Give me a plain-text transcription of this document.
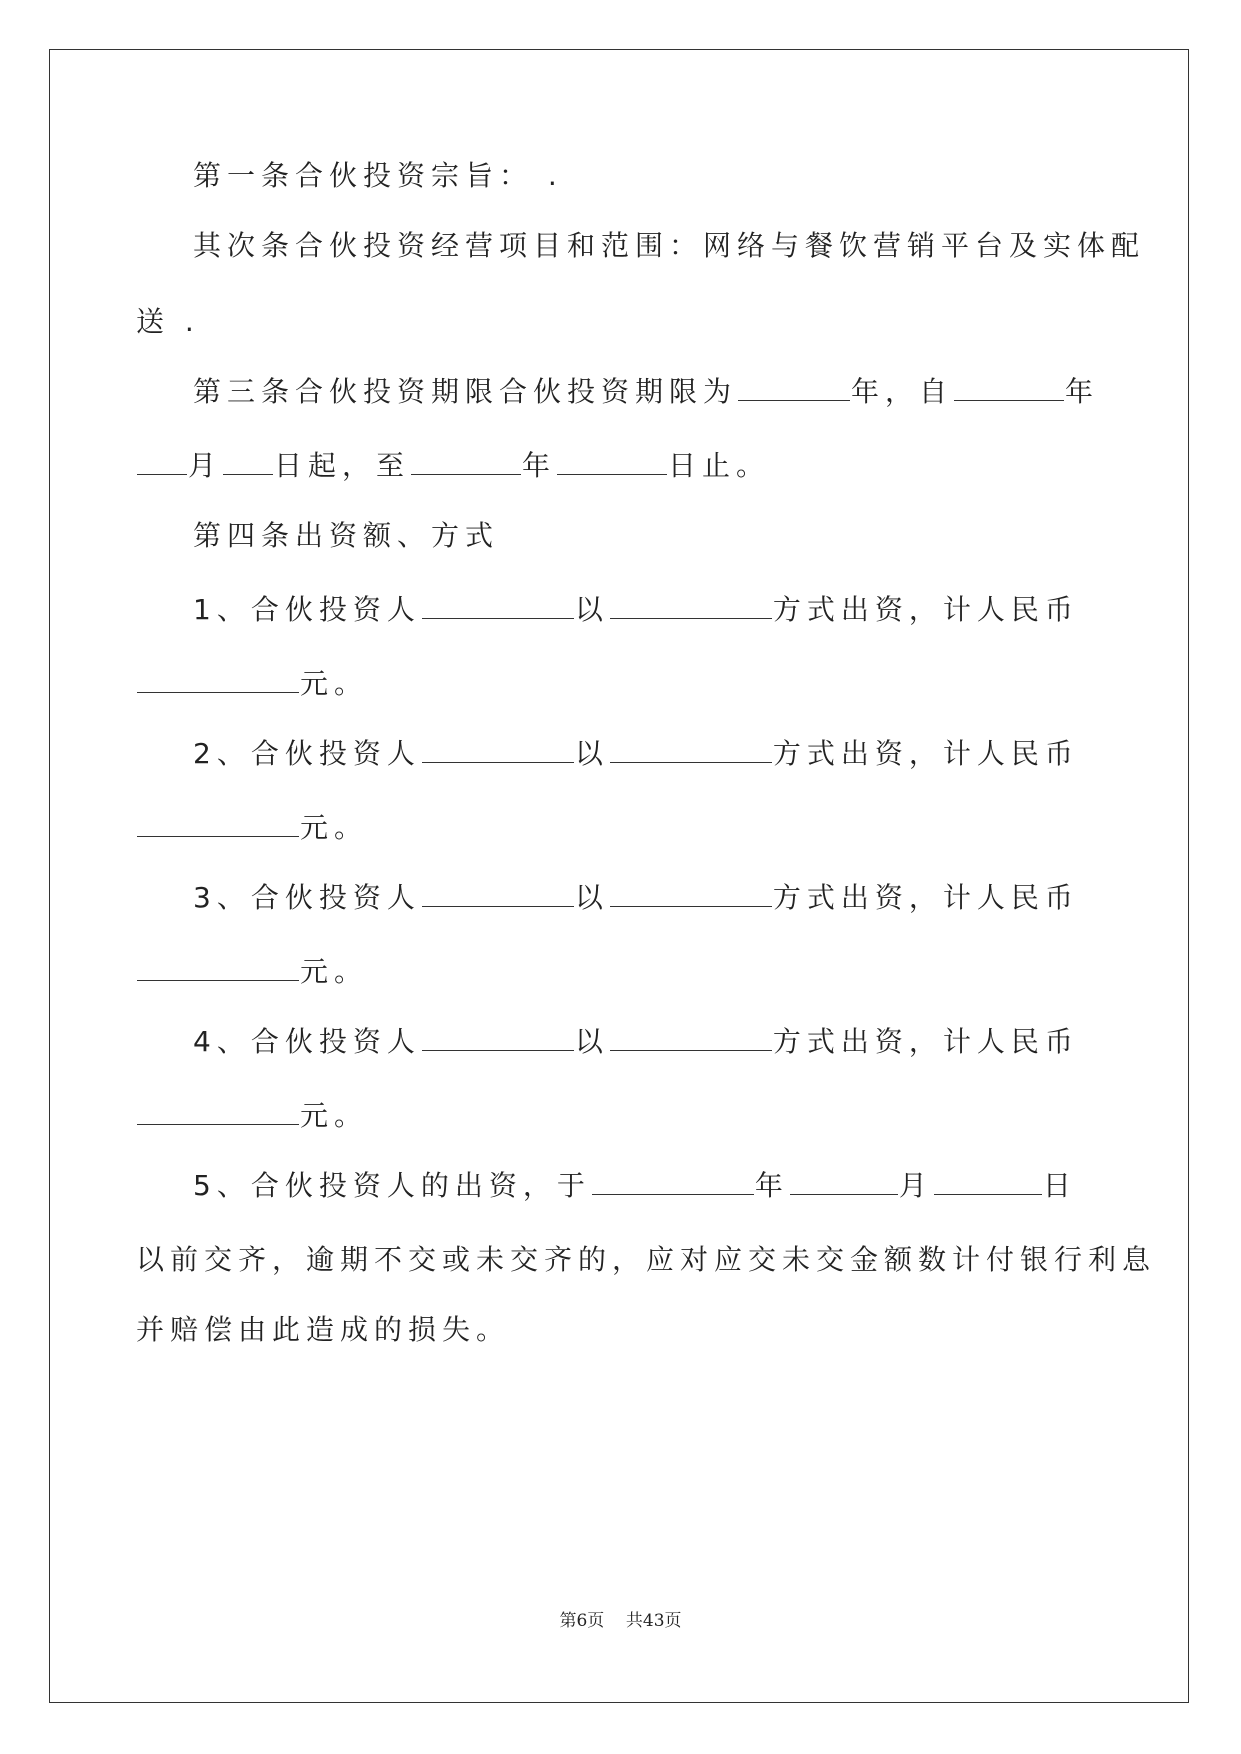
第一条合伙投资宗旨： .
其次条合伙投资经营项目和范围：网络与餐饮营销平台及实体配
送 .
第三条合伙投资期限合伙投资期限为	年，自	年
月 日起，至	年	日止。
第四条出资额、方式
1、合伙投资人	以	方式出资，计人民币
元。
2、合伙投资人	以	方式出资，计人民币
元。
3、合伙投资人	以	方式出资，计人民币
元。
4、合伙投资人	以	方式出资，计人民币
元。
5、合伙投资人的出资，于	年	月	日
以前交齐，逾期不交或未交齐的，应对应交未交金额数计付银行利息
并赔偿由此造成的损失。
第6页 共43页
